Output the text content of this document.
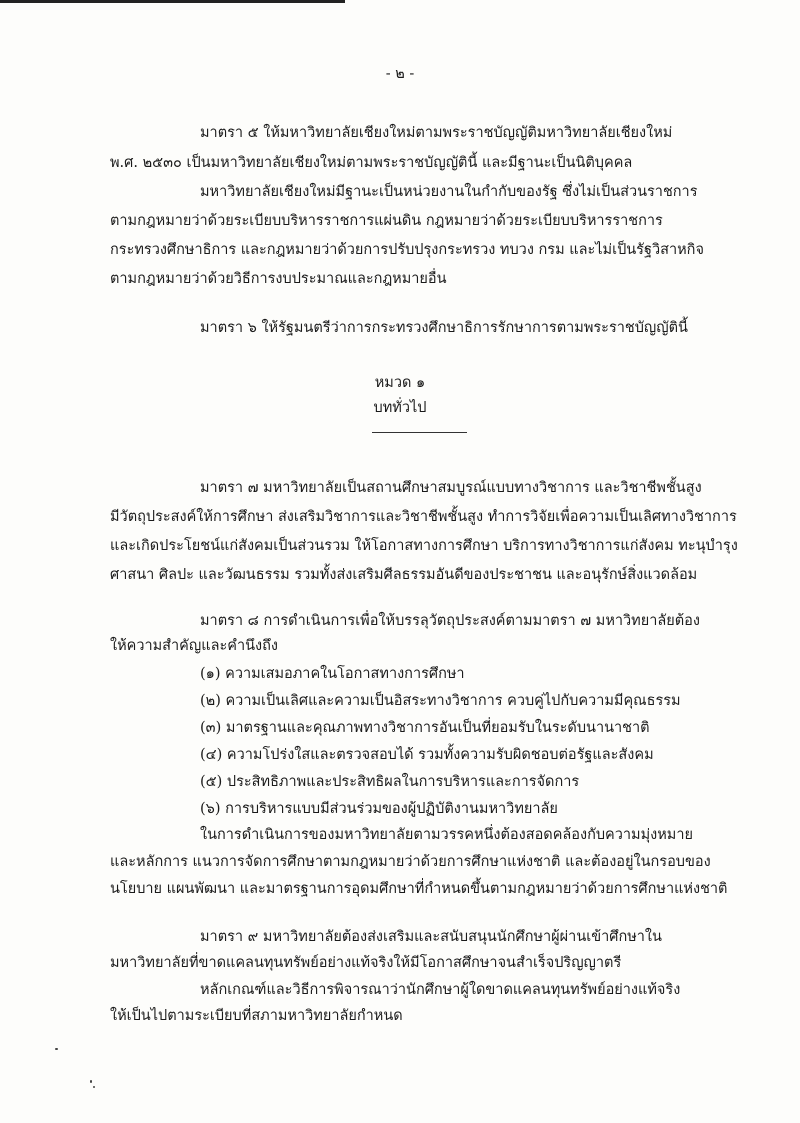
- ๒ -
มาตรา ๕ ให้มหาวิทยาลัยเชียงใหม่ตามพระราชบัญญัติมหาวิทยาลัยเชียงใหม่
พ.ศ. ๒๕๓๐ เป็นมหาวิทยาลัยเชียงใหม่ตามพระราชบัญญัตินี้ และมีฐานะเป็นนิติบุคคล
มหาวิทยาลัยเชียงใหม่มีฐานะเป็นหน่วยงานในกำกับของรัฐ ซึ่งไม่เป็นส่วนราชการ
ตามกฎหมายว่าด้วยระเบียบบริหารราชการแผ่นดิน กฎหมายว่าด้วยระเบียบบริหารราชการ
กระทรวงศึกษาธิการ และกฎหมายว่าด้วยการปรับปรุงกระทรวง ทบวง กรม และไม่เป็นรัฐวิสาหกิจ
ตามกฎหมายว่าด้วยวิธีการงบประมาณและกฎหมายอื่น
มาตรา ๖ ให้รัฐมนตรีว่าการกระทรวงศึกษาธิการรักษาการตามพระราชบัญญัตินี้
หมวด ๑
บททั่วไป
มาตรา ๗ มหาวิทยาลัยเป็นสถานศึกษาสมบูรณ์แบบทางวิชาการ และวิชาชีพชั้นสูง
มีวัตถุประสงค์ให้การศึกษา ส่งเสริมวิชาการและวิชาชีพชั้นสูง ทำการวิจัยเพื่อความเป็นเลิศทางวิชาการ
และเกิดประโยชน์แก่สังคมเป็นส่วนรวม ให้โอกาสทางการศึกษา บริการทางวิชาการแก่สังคม ทะนุบำรุง
ศาสนา ศิลปะ และวัฒนธรรม รวมทั้งส่งเสริมศีลธรรมอันดีของประชาชน และอนุรักษ์สิ่งแวดล้อม
มาตรา ๘ การดำเนินการเพื่อให้บรรลุวัตถุประสงค์ตามมาตรา ๗ มหาวิทยาลัยต้อง
ให้ความสำคัญและคำนึงถึง
(๑) ความเสมอภาคในโอกาสทางการศึกษา
(๒) ความเป็นเลิศและความเป็นอิสระทางวิชาการ ควบคู่ไปกับความมีคุณธรรม
(๓) มาตรฐานและคุณภาพทางวิชาการอันเป็นที่ยอมรับในระดับนานาชาติ
(๔) ความโปร่งใสและตรวจสอบได้ รวมทั้งความรับผิดชอบต่อรัฐและสังคม
(๕) ประสิทธิภาพและประสิทธิผลในการบริหารและการจัดการ
(๖) การบริหารแบบมีส่วนร่วมของผู้ปฏิบัติงานมหาวิทยาลัย
ในการดำเนินการของมหาวิทยาลัยตามวรรคหนึ่งต้องสอดคล้องกับความมุ่งหมาย
และหลักการ แนวการจัดการศึกษาตามกฎหมายว่าด้วยการศึกษาแห่งชาติ และต้องอยู่ในกรอบของ
นโยบาย แผนพัฒนา และมาตรฐานการอุดมศึกษาที่กำหนดขึ้นตามกฎหมายว่าด้วยการศึกษาแห่งชาติ
มาตรา ๙ มหาวิทยาลัยต้องส่งเสริมและสนับสนุนนักศึกษาผู้ผ่านเข้าศึกษาใน
มหาวิทยาลัยที่ขาดแคลนทุนทรัพย์อย่างแท้จริงให้มีโอกาสศึกษาจนสำเร็จปริญญาตรี
หลักเกณฑ์และวิธีการพิจารณาว่านักศึกษาผู้ใดขาดแคลนทุนทรัพย์อย่างแท้จริง
ให้เป็นไปตามระเบียบที่สภามหาวิทยาลัยกำหนด
